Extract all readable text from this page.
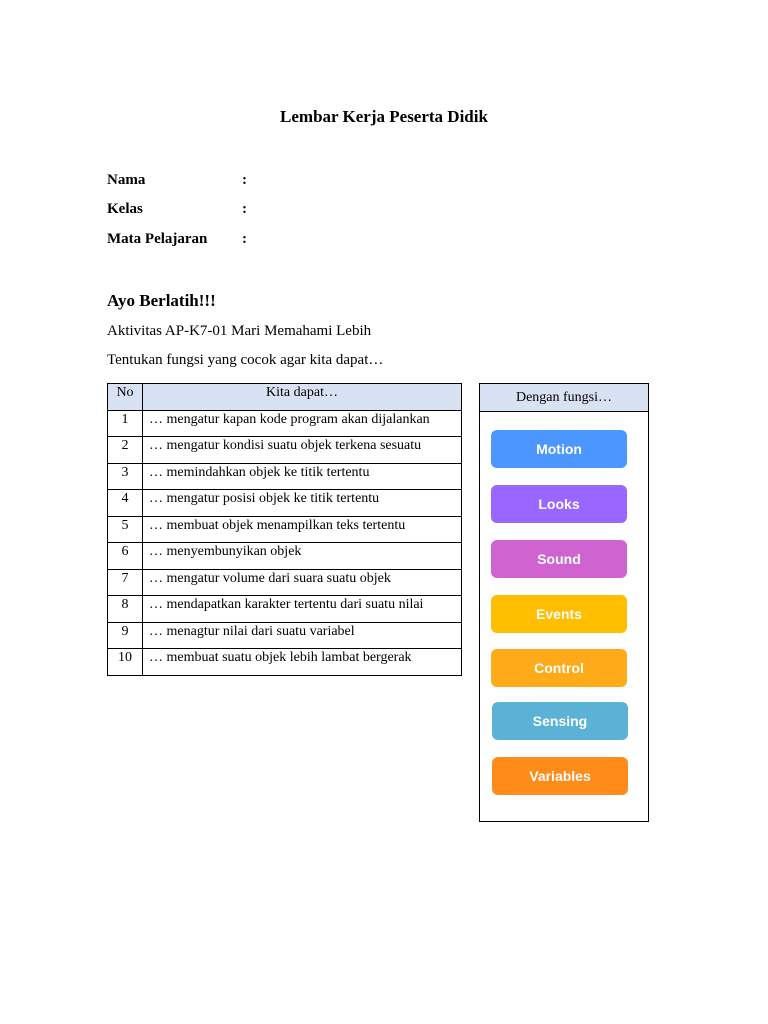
Lembar Kerja Peserta Didik
Nama	:
Kelas	:
Mata Pelajaran :
Ayo Berlatih!!!
Aktivitas AP-K7-01 Mari Memahami Lebih
Tentukan fungsi yang cocok agar kita dapat…
No	Kita dapat…
1	… mengatur kapan kode program akan dijalankan
2	… mengatur kondisi suatu objek terkena sesuatu
3	… memindahkan objek ke titik tertentu
4	… mengatur posisi objek ke titik tertentu
5	… membuat objek menampilkan teks tertentu
6	… menyembunyikan objek
7	… mengatur volume dari suara suatu objek
8	… mendapatkan karakter tertentu dari suatu nilai
9	… menagtur nilai dari suatu variabel
10	… membuat suatu objek lebih lambat bergerak
Dengan fungsi…
Motion
Looks
Sound
Events
Control
Sensing
Variables
